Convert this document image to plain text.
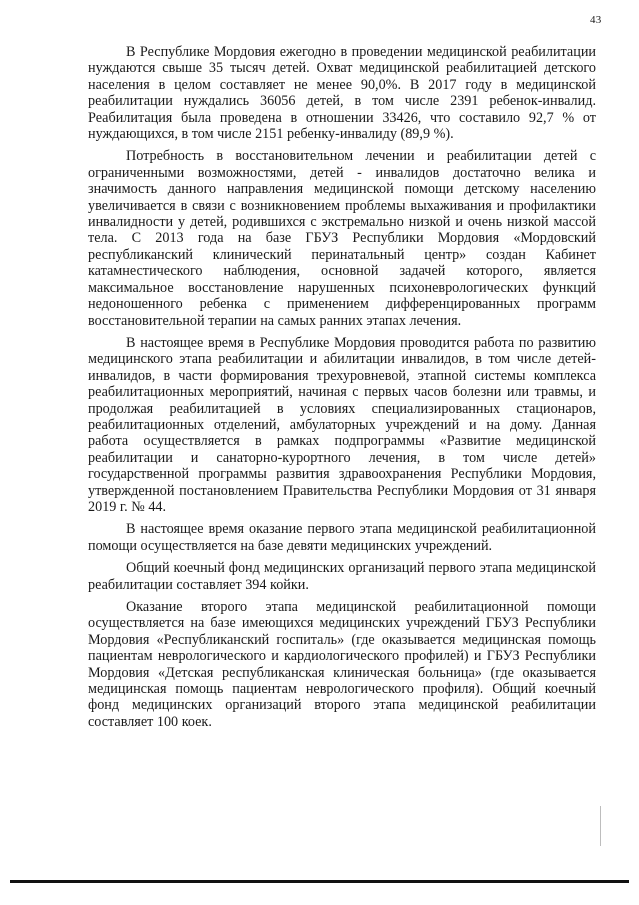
43

В Республике Мордовия ежегодно в проведении медицинской реабилитации нуждаются свыше 35 тысяч детей. Охват медицинской реабилитацией детского населения в целом составляет не менее 90,0%. В 2017 году в медицинской реабилитации нуждались 36056 детей, в том числе 2391 ребенок-инвалид. Реабилитация была проведена в отношении 33426, что составило 92,7 % от нуждающихся, в том числе 2151 ребенку-инвалиду (89,9 %).

Потребность в восстановительном лечении и реабилитации детей с ограниченными возможностями, детей - инвалидов достаточно велика и значимость данного направления медицинской помощи детскому населению увеличивается в связи с возникновением проблемы выхаживания и профилактики инвалидности у детей, родившихся с экстремально низкой и очень низкой массой тела. С 2013 года на базе ГБУЗ Республики Мордовия «Мордовский республиканский клинический перинатальный центр» создан Кабинет катамнестического наблюдения, основной задачей которого, является максимальное восстановление нарушенных психоневрологических функций недоношенного ребенка с применением дифференцированных программ восстановительной терапии на самых ранних этапах лечения.

В настоящее время в Республике Мордовия проводится работа по развитию медицинского этапа реабилитации и абилитации инвалидов, в том числе детей-инвалидов, в части формирования трехуровневой, этапной системы комплекса реабилитационных мероприятий, начиная с первых часов болезни или травмы, и продолжая реабилитацией в условиях специализированных стационаров, реабилитационных отделений, амбулаторных учреждений и на дому. Данная работа осуществляется в рамках подпрограммы «Развитие медицинской реабилитации и санаторно-курортного лечения, в том числе детей» государственной программы развития здравоохранения Республики Мордовия, утвержденной постановлением Правительства Республики Мордовия от 31 января 2019 г. № 44.

В настоящее время оказание первого этапа медицинской реабилитационной помощи осуществляется на базе девяти медицинских учреждений.

Общий коечный фонд медицинских организаций первого этапа медицинской реабилитации составляет 394 койки.

Оказание второго этапа медицинской реабилитационной помощи осуществляется на базе имеющихся медицинских учреждений ГБУЗ Республики Мордовия «Республиканский госпиталь» (где оказывается медицинская помощь пациентам неврологического и кардиологического профилей) и ГБУЗ Республики Мордовия «Детская республиканская клиническая больница» (где оказывается медицинская помощь пациентам неврологического профиля). Общий коечный фонд медицинских организаций второго этапа медицинской реабилитации составляет 100 коек.
